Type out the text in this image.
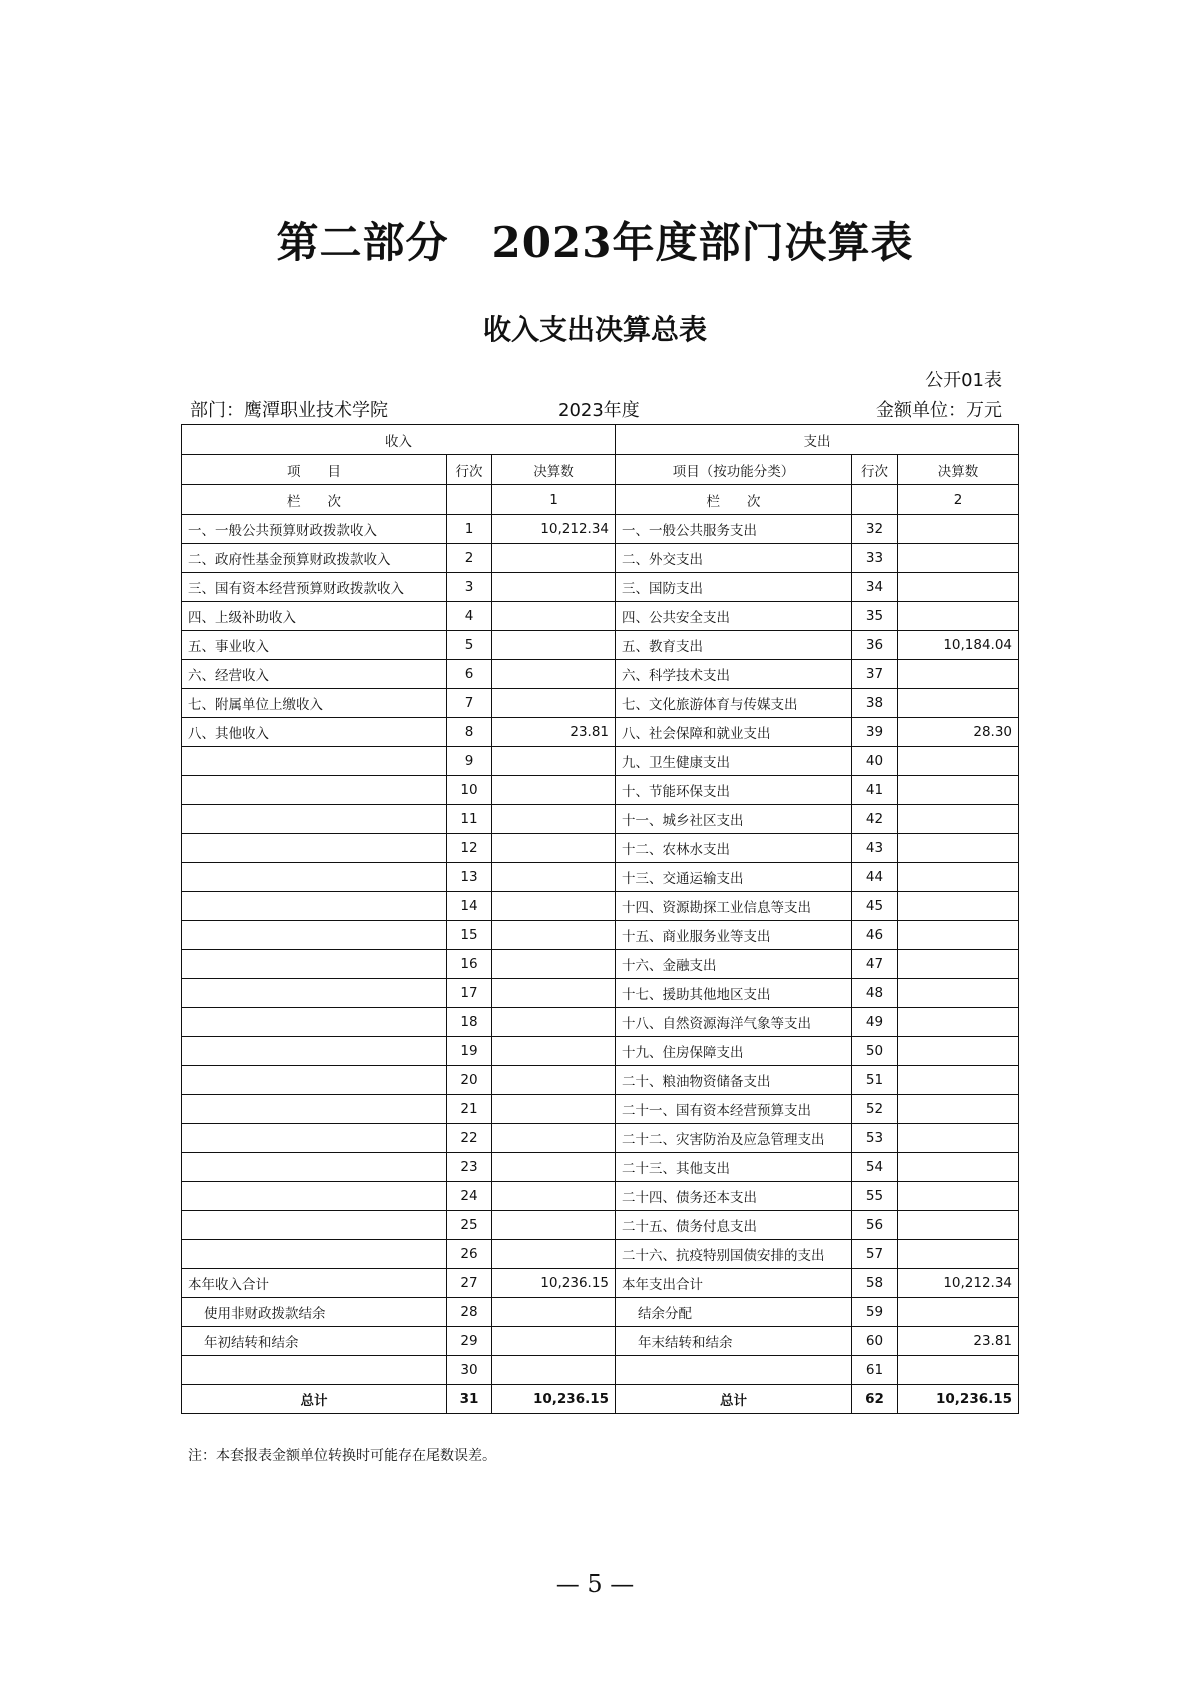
第二部分　2023年度部门决算表
收入支出决算总表
公开01表
部门：鹰潭职业技术学院	2023年度	金额单位：万元
收入			支出		
项　　目	行次	决算数	项目（按功能分类）	行次	决算数
栏　　次		1	栏　　次		2
一、一般公共预算财政拨款收入	1	10,212.34	一、一般公共服务支出	32	
二、政府性基金预算财政拨款收入	2		二、外交支出	33	
三、国有资本经营预算财政拨款收入	3		三、国防支出	34	
四、上级补助收入	4		四、公共安全支出	35	
五、事业收入	5		五、教育支出	36	10,184.04
六、经营收入	6		六、科学技术支出	37	
七、附属单位上缴收入	7		七、文化旅游体育与传媒支出	38	
八、其他收入	8	23.81	八、社会保障和就业支出	39	28.30
	9		九、卫生健康支出	40	
	10		十、节能环保支出	41	
	11		十一、城乡社区支出	42	
	12		十二、农林水支出	43	
	13		十三、交通运输支出	44	
	14		十四、资源勘探工业信息等支出	45	
	15		十五、商业服务业等支出	46	
	16		十六、金融支出	47	
	17		十七、援助其他地区支出	48	
	18		十八、自然资源海洋气象等支出	49	
	19		十九、住房保障支出	50	
	20		二十、粮油物资储备支出	51	
	21		二十一、国有资本经营预算支出	52	
	22		二十二、灾害防治及应急管理支出	53	
	23		二十三、其他支出	54	
	24		二十四、债务还本支出	55	
	25		二十五、债务付息支出	56	
	26		二十六、抗疫特别国债安排的支出	57	
本年收入合计	27	10,236.15	本年支出合计	58	10,212.34
使用非财政拨款结余	28		结余分配	59	
年初结转和结余	29		年末结转和结余	60	23.81
	30			61	
总计	31	10,236.15	总计	62	10,236.15
注：本套报表金额单位转换时可能存在尾数误差。
— 5 —
